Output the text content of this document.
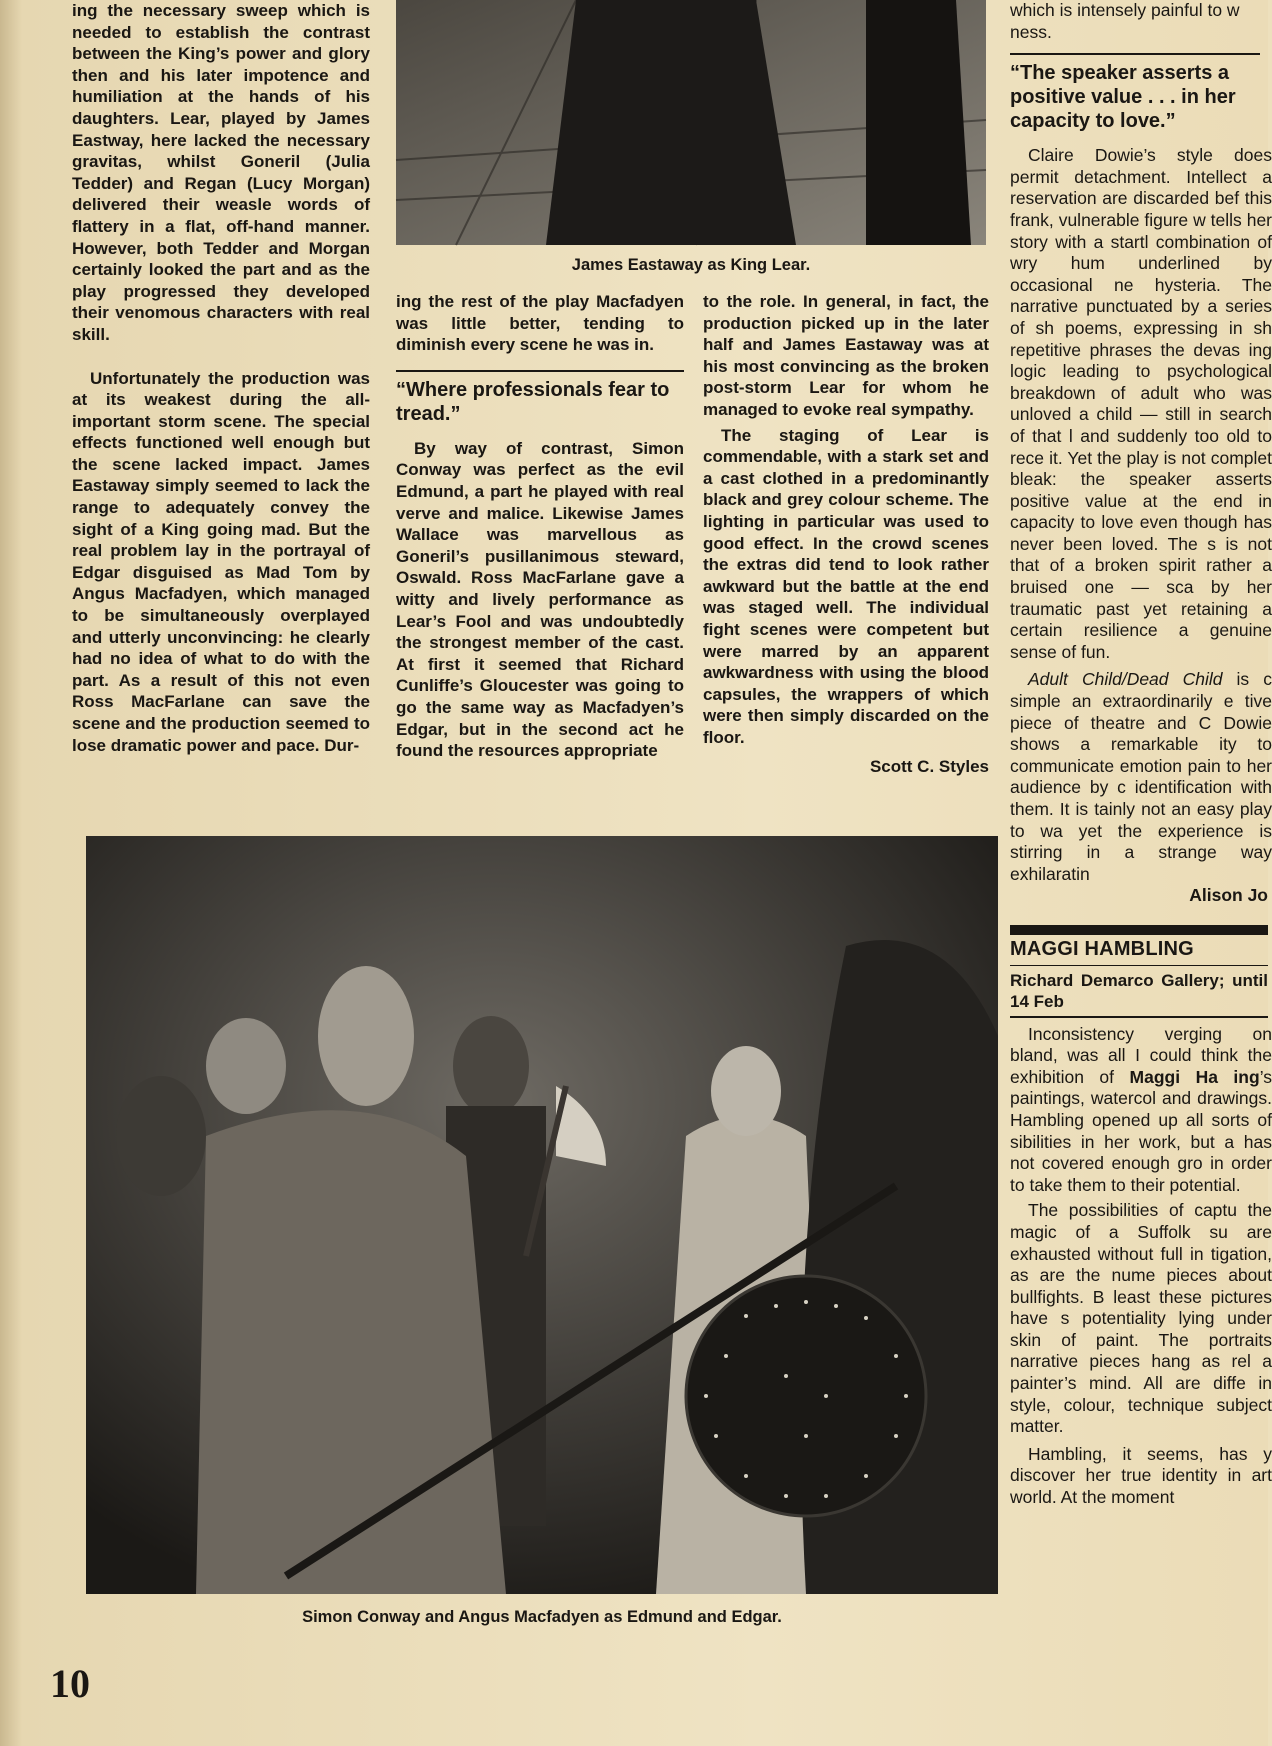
ing the necessary sweep which is needed to establish the contrast between the King’s power and glory then and his later impotence and humiliation at the hands of his daughters. Lear, played by James Eastway, here lacked the necessary gravitas, whilst Goneril (Julia Tedder) and Regan (Lucy Morgan) delivered their weasle words of flattery in a flat, off-hand manner. However, both Tedder and Morgan certainly looked the part and as the play progressed they developed their venomous characters with real skill.

Unfortunately the production was at its weakest during the all-important storm scene. The special effects functioned well enough but the scene lacked impact. James Eastaway simply seemed to lack the range to adequately convey the sight of a King going mad. But the real problem lay in the portrayal of Edgar disguised as Mad Tom by Angus Macfadyen, which managed to be simultaneously overplayed and utterly unconvincing: he clearly had no idea of what to do with the part. As a result of this not even Ross MacFarlane can save the scene and the production seemed to lose dramatic power and pace. Dur-

James Eastaway as King Lear.

ing the rest of the play Macfadyen was little better, tending to diminish every scene he was in.

“Where professionals fear to tread.”

By way of contrast, Simon Conway was perfect as the evil Edmund, a part he played with real verve and malice. Likewise James Wallace was marvellous as Goneril’s pusillanimous steward, Oswald. Ross MacFarlane gave a witty and lively performance as Lear’s Fool and was undoubtedly the strongest member of the cast. At first it seemed that Richard Cunliffe’s Gloucester was going to go the same way as Macfadyen’s Edgar, but in the second act he found the resources appropriate

to the role. In general, in fact, the production picked up in the later half and James Eastaway was at his most convincing as the broken post-storm Lear for whom he managed to evoke real sympathy.

The staging of Lear is commendable, with a stark set and a cast clothed in a predominantly black and grey colour scheme. The lighting in particular was used to good effect. In the crowd scenes the extras did tend to look rather awkward but the battle at the end was staged well. The individual fight scenes were competent but were marred by an apparent awkwardness with using the blood capsules, the wrappers of which were then simply discarded on the floor.

Scott C. Styles
Simon Conway and Angus Macfadyen as Edmund and Edgar.
which is intensely painful to w
ness.
“The speaker asserts a positive value . . . in her capacity to love.”

Claire Dowie’s style does permit detachment. Intellect a reservation are discarded bef this frank, vulnerable figure w tells her story with a startl combination of wry hum underlined by occasional ne hysteria. The narrative punctuated by a series of sh poems, expressing in sh repetitive phrases the devas ing logic leading to psychological breakdown of adult who was unloved a child — still in search of that l and suddenly too old to rece it. Yet the play is not complet bleak: the speaker asserts positive value at the end in capacity to love even though has never been loved. The s is not that of a broken spirit rather a bruised one — sca by her traumatic past yet retaining a certain resilience a genuine sense of fun.

Adult Child/Dead Child is c simple an extraordinarily e tive piece of theatre and C Dowie shows a remarkable ity to communicate emotion pain to her audience by c identification with them. It is tainly not an easy play to wa yet the experience is stirring in a strange way exhilaratin

Alison Jo
MAGGI HAMBLING
Richard Demarco Gallery; until 14 Feb

Inconsistency verging on bland, was all I could think the exhibition of Maggi Ha ing’s paintings, watercol and drawings. Hambling opened up all sorts of sibilities in her work, but a has not covered enough gro in order to take them to their potential.

The possibilities of captu the magic of a Suffolk su are exhausted without full in tigation, as are the nume pieces about bullfights. B least these pictures have s potentiality lying under skin of paint. The portraits narrative pieces hang as rel a painter’s mind. All are diffe in style, colour, technique subject matter.

Hambling, it seems, has y discover her true identity in art world. At the moment

10
